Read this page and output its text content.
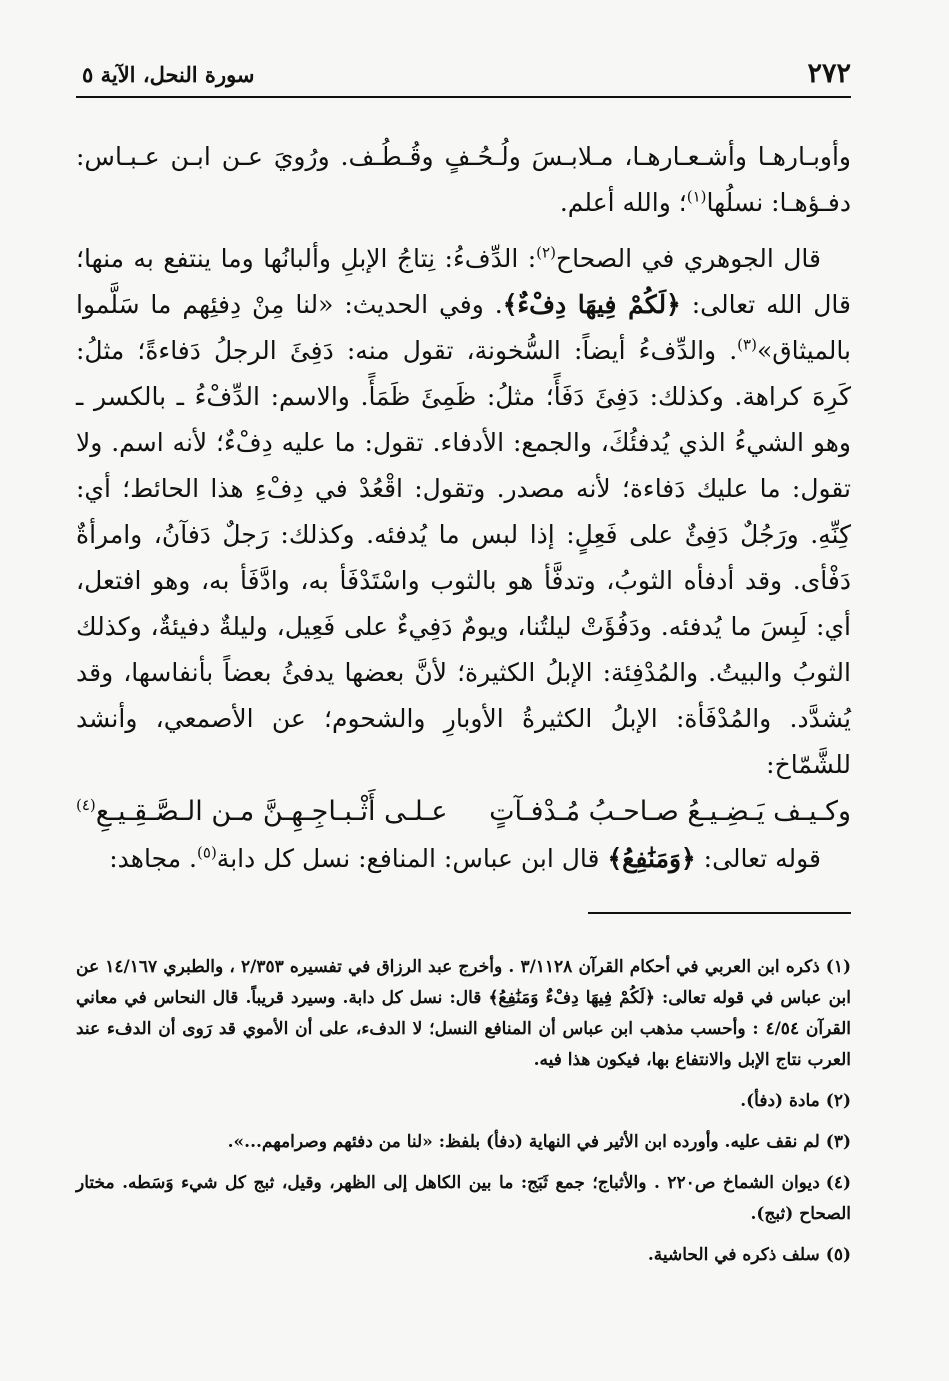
٢٧٢
سورة النحل، الآية ٥

وأوبـارهـا وأشـعـارهـا، مـلابـسَ ولُـحُـفٍ وقُـطُـف. ورُويَ عـن ابـن عـبـاس: دفـؤهـا: نسلُها$^{(١)}$؛ والله أعلم.

قال الجوهري في الصحاح$^{(٢)}$: الدِّفءُ: نِتاجُ الإبلِ وألبانُها وما ينتفع به منها؛ قال الله تعالى: ﴿لَكُمْ فِيهَا دِفْءٌ﴾. وفي الحديث: «لنا مِنْ دِفئِهم ما سَلَّموا بالميثاق»$^{(٣)}$. والدِّفءُ أيضاً: السُّخونة، تقول منه: دَفِئَ الرجلُ دَفاءةً؛ مثلُ: كَرِهَ كراهة. وكذلك: دَفِئَ دَفَأً؛ مثلُ: ظَمِئَ ظَمَأً. والاسم: الدِّفْءُ ـ بالكسر ـ وهو الشيءُ الذي يُدفئُكَ، والجمع: الأدفاء. تقول: ما عليه دِفْءٌ؛ لأنه اسم. ولا تقول: ما عليك دَفاءة؛ لأنه مصدر. وتقول: اقْعُدْ في دِفْءِ هذا الحائط؛ أي: كِنِّهِ. ورَجُلٌ دَفِئٌ على فَعِلٍ: إذا لبس ما يُدفئه. وكذلك: رَجلٌ دَفآنُ، وامرأةٌ دَفْأى. وقد أدفأه الثوبُ، وتدفَّأ هو بالثوب واسْتَدْفَأ به، وادَّفَأ به، وهو افتعل، أي: لَبِسَ ما يُدفئه. ودَفُؤَتْ ليلتُنا، ويومٌ دَفِيءٌ على فَعِيل، وليلةٌ دفيئةٌ، وكذلك الثوبُ والبيتُ. والمُدْفِئة: الإبلُ الكثيرة؛ لأنَّ بعضها يدفئُ بعضاً بأنفاسها، وقد يُشدَّد. والمُدْفَأة: الإبلُ الكثيرةُ الأوبارِ والشحوم؛ عن الأصمعي، وأنشد للشَّمّاخ:

وكـيـف يَـضِـيـعُ صـاحـبُ مُـدْفـآتٍ
عـلـى أَثْـبـاجِـهِـنَّ مـن الـصَّـقِـيـعِ$^{(٤)}$

قوله تعالى: ﴿وَمَنَٰفِعُ﴾ قال ابن عباس: المنافع: نسل كل دابة$^{(٥)}$. مجاهد:

(١)ذكره ابن العربي في أحكام القرآن ٣/١١٢٨ . وأخرج عبد الرزاق في تفسيره ٢/٣٥٣ ، والطبري ١٤/١٦٧ عن ابن عباس في قوله تعالى: ﴿لَكُمْ فِيهَا دِفْءٌ وَمَنَٰفِعُ﴾ قال: نسل كل دابة. وسيرد قريباً. قال النحاس في معاني القرآن ٤/٥٤ : وأحسب مذهب ابن عباس أن المنافع النسل؛ لا الدفء، على أن الأموي قد رَوى أن الدفء عند العرب نتاج الإبل والانتفاع بها، فيكون هذا فيه.

(٢)مادة (دفأ).

(٣)لم نقف عليه. وأورده ابن الأثير في النهاية (دفأ) بلفظ: «لنا من دفئهم وصرامهم...».

(٤)ديوان الشماخ ص٢٢٠ . والأثباج؛ جمع ثَبَج: ما بين الكاهل إلى الظهر، وقيل، ثبج كل شيء وَسَطه. مختار الصحاح (ثبج).

(٥)سلف ذكره في الحاشية.
